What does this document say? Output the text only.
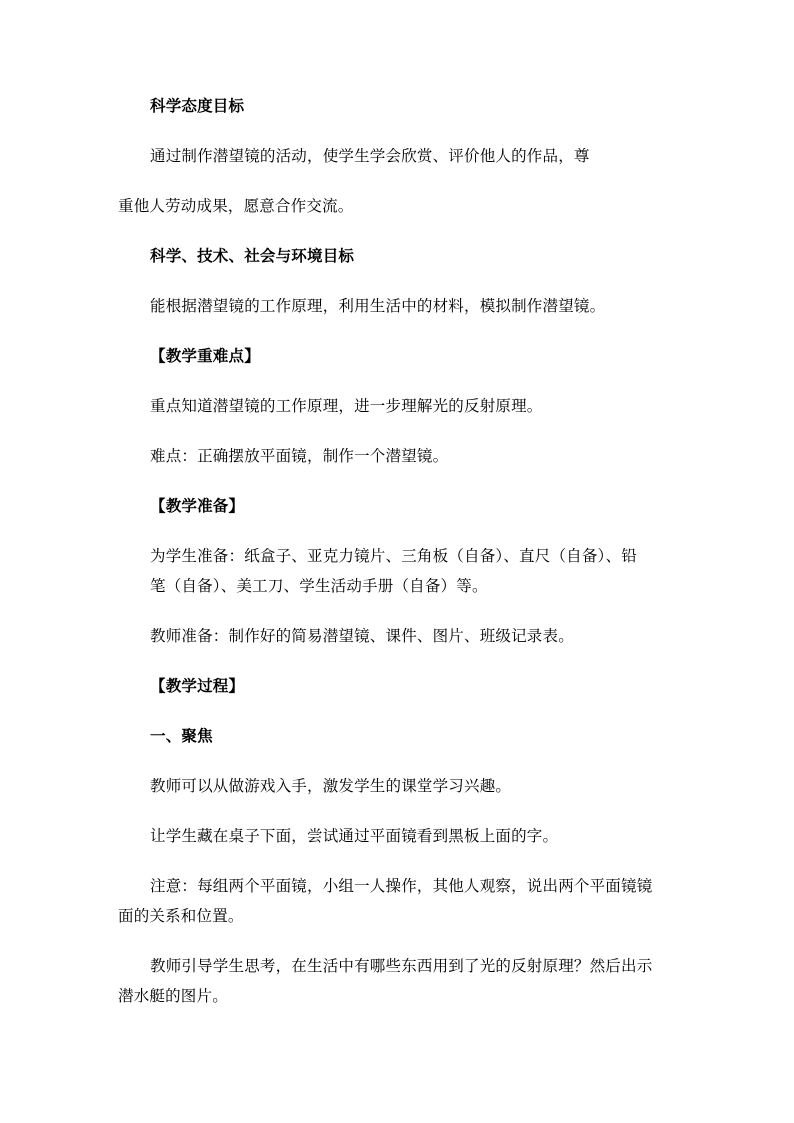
科学态度目标
通过制作潜望镜的活动，使学生学会欣赏、评价他人的作品，尊
重他人劳动成果，愿意合作交流。
科学、技术、社会与环境目标
能根据潜望镜的工作原理，利用生活中的材料，模拟制作潜望镜。
【教学重难点】
重点知道潜望镜的工作原理，进一步理解光的反射原理。
难点：正确摆放平面镜，制作一个潜望镜。
【教学准备】
为学生准备：纸盒子、亚克力镜片、三角板（自备）、直尺（自备）、铅
笔（自备）、美工刀、学生活动手册（自备）等。
教师准备：制作好的简易潜望镜、课件、图片、班级记录表。
【教学过程】
一、聚焦
教师可以从做游戏入手，激发学生的课堂学习兴趣。
让学生藏在桌子下面，尝试通过平面镜看到黑板上面的字。
注意：每组两个平面镜，小组一人操作，其他人观察，说出两个平面镜镜
面的关系和位置。
教师引导学生思考，在生活中有哪些东西用到了光的反射原理？然后出示
潜水艇的图片。
